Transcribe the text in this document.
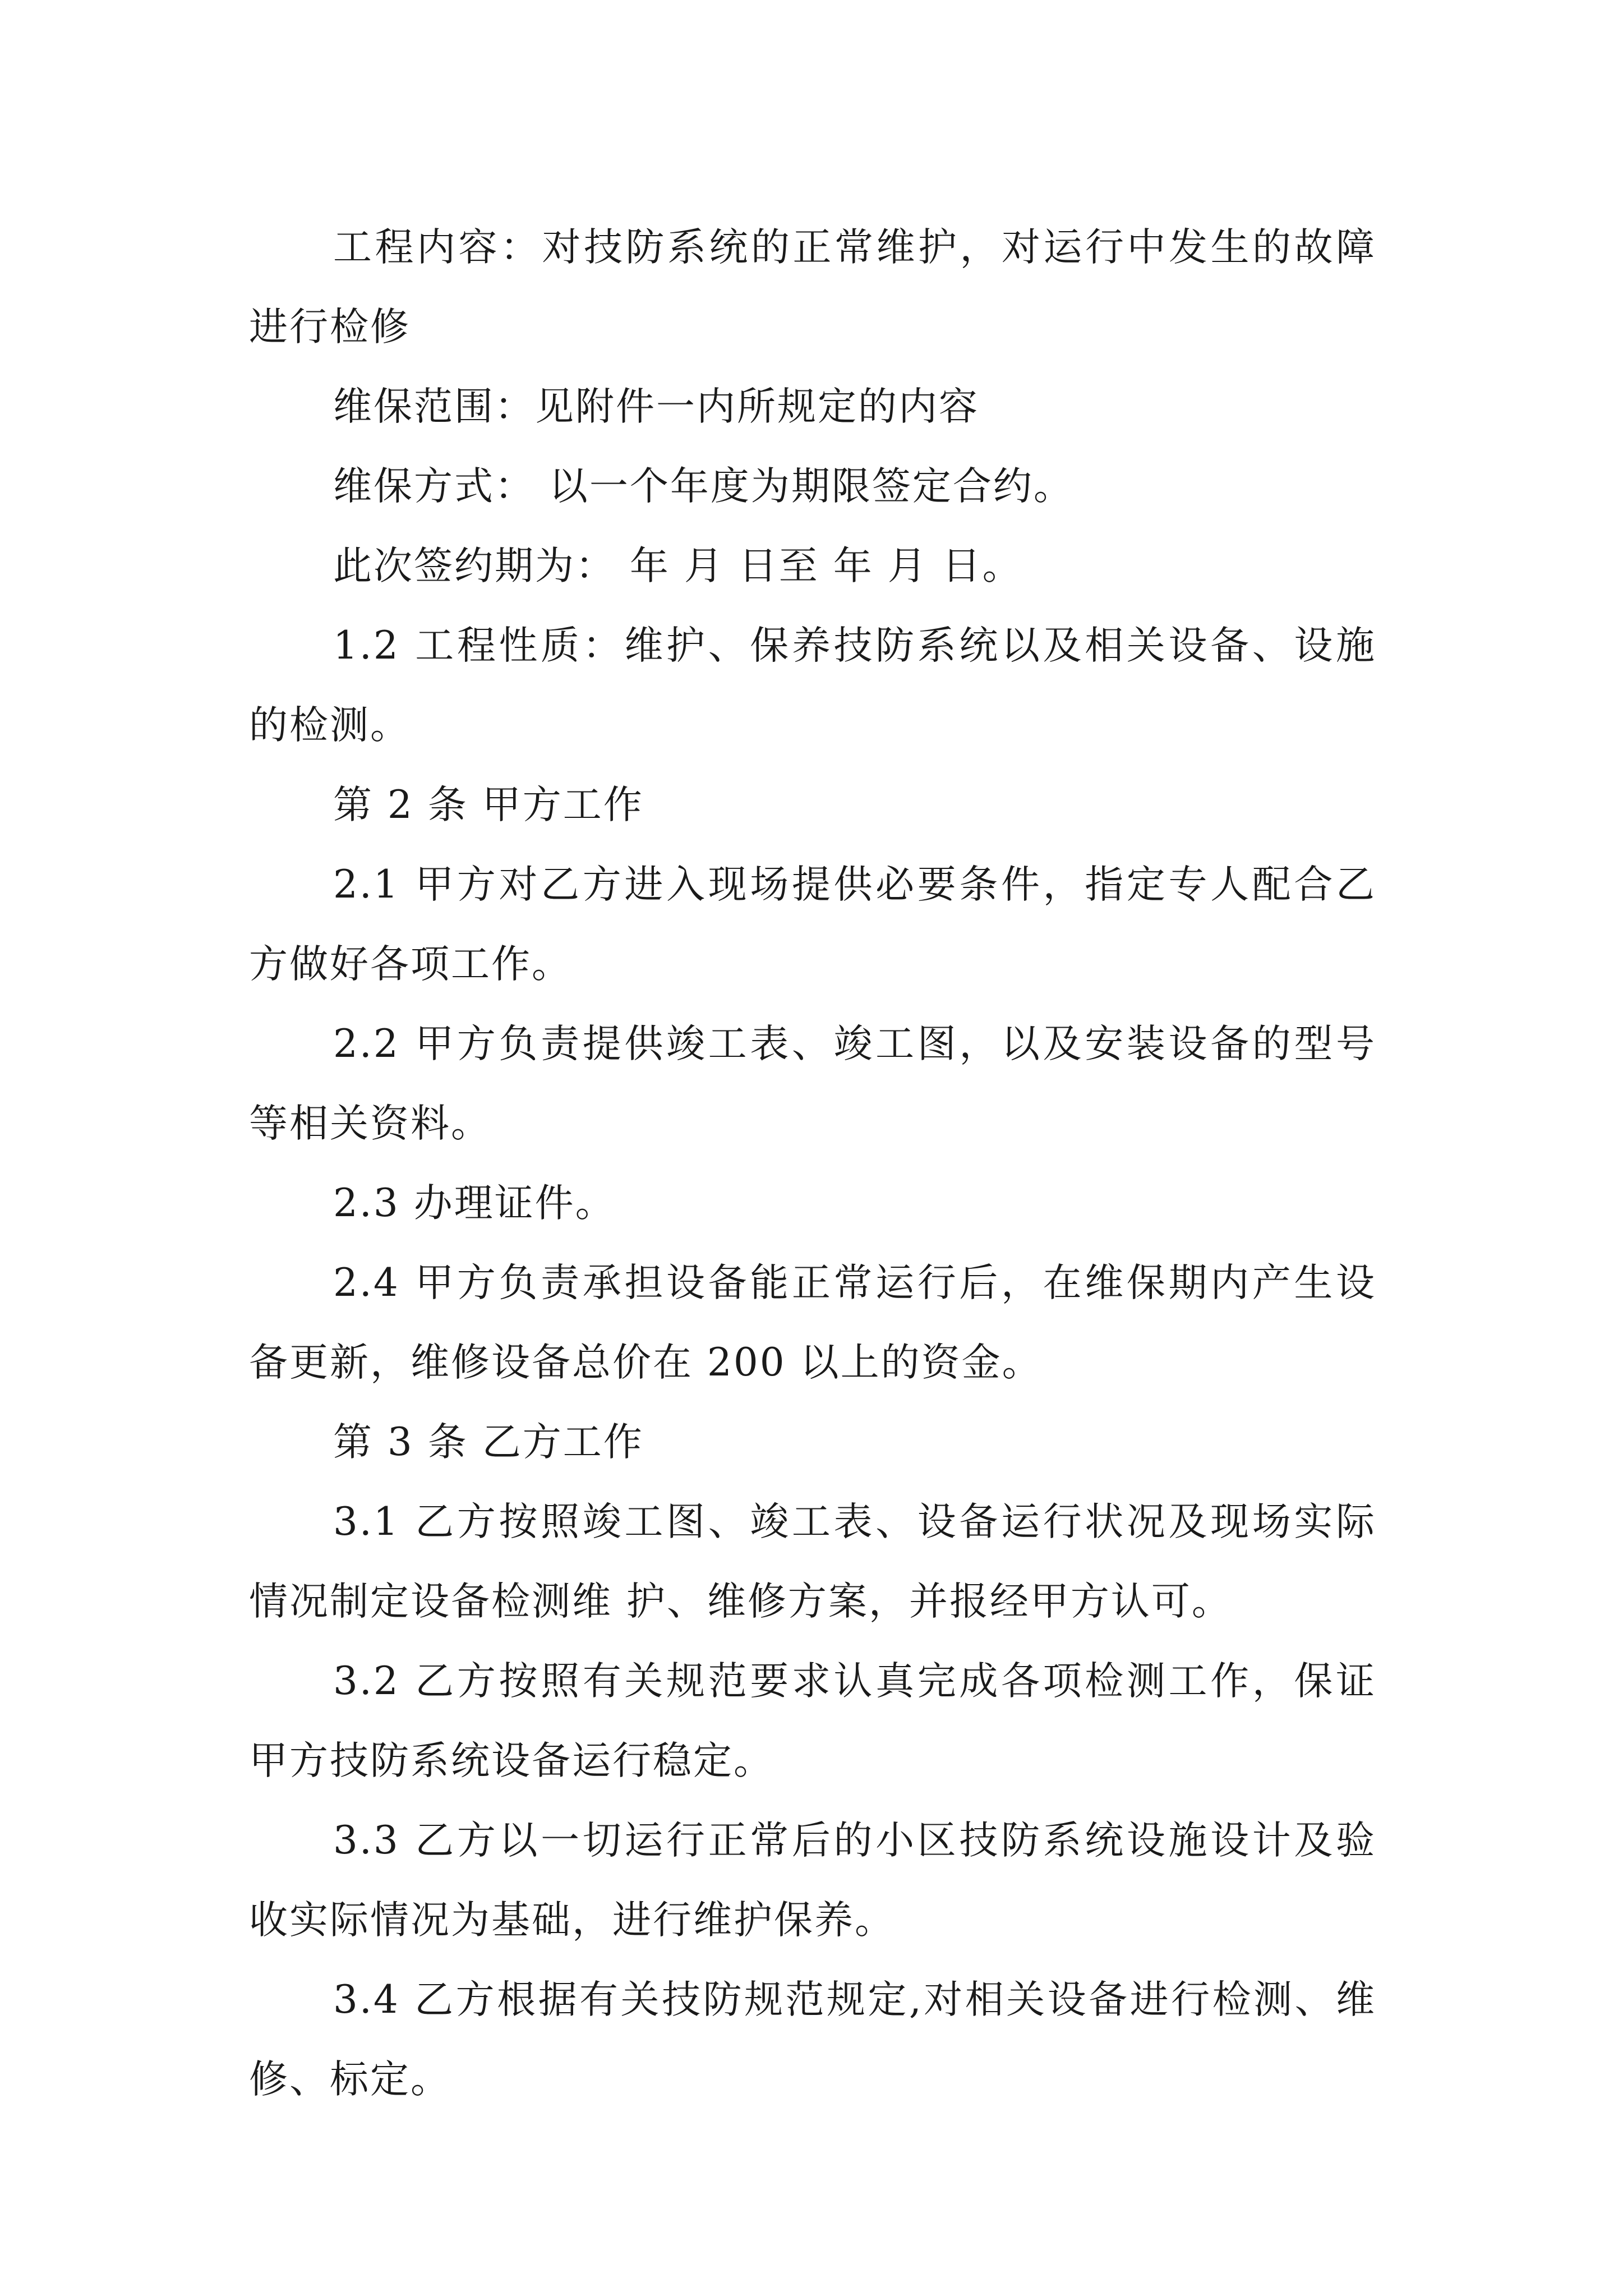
工程内容：对技防系统的正常维护，对运行中发生的故障进行检修

维保范围：见附件一内所规定的内容

维保方式： 以一个年度为期限签定合约。

此次签约期为： 年 月 日至 年 月 日。

1.2 工程性质：维护、保养技防系统以及相关设备、设施的检测。

第 2 条 甲方工作

2.1 甲方对乙方进入现场提供必要条件，指定专人配合乙方做好各项工作。

2.2 甲方负责提供竣工表、竣工图，以及安装设备的型号等相关资料。

2.3 办理证件。

2.4 甲方负责承担设备能正常运行后，在维保期内产生设备更新，维修设备总价在 200 以上的资金。

第 3 条 乙方工作

3.1 乙方按照竣工图、竣工表、设备运行状况及现场实际情况制定设备检测维 护、维修方案，并报经甲方认可。

3.2 乙方按照有关规范要求认真完成各项检测工作，保证甲方技防系统设备运行稳定。

3.3 乙方以一切运行正常后的小区技防系统设施设计及验收实际情况为基础，进行维护保养。

3.4 乙方根据有关技防规范规定,对相关设备进行检测、维修、标定。
